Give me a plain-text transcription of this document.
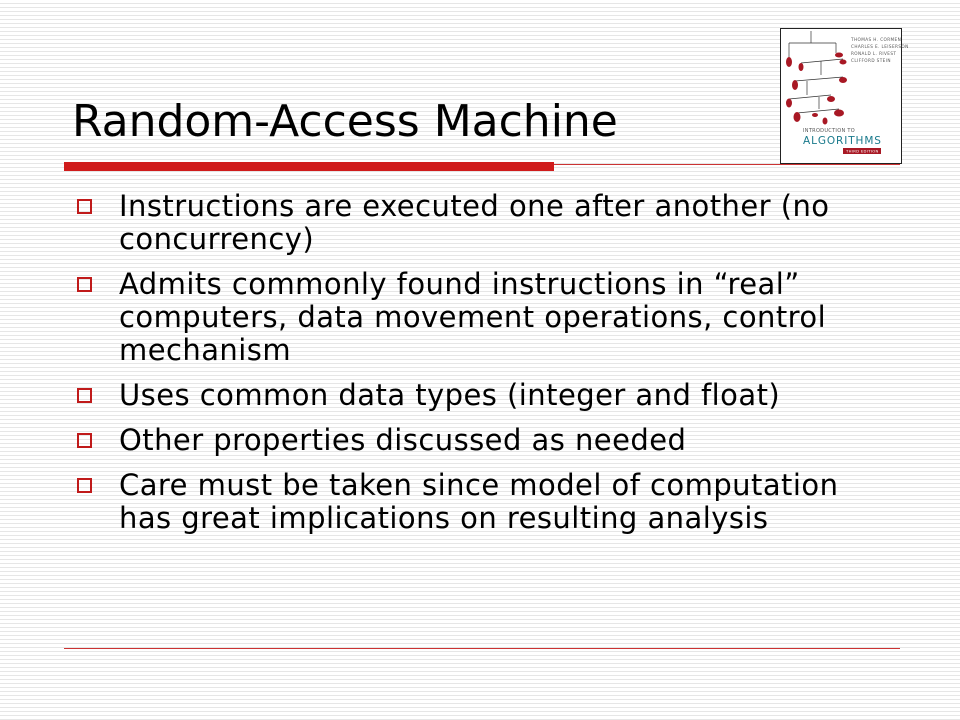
Random-Access Machine
THOMAS H. CORMEN
CHARLES E. LEISERSON
RONALD L. RIVEST
CLIFFORD STEIN
INTRODUCTION TO
ALGORITHMS
THIRD EDITION
Instructions are executed one after another (no concurrency)
Admits commonly found instructions in “real” computers, data movement operations, control mechanism
Uses common data types (integer and float)
Other properties discussed as needed
Care must be taken since model of computation has great implications on resulting analysis
